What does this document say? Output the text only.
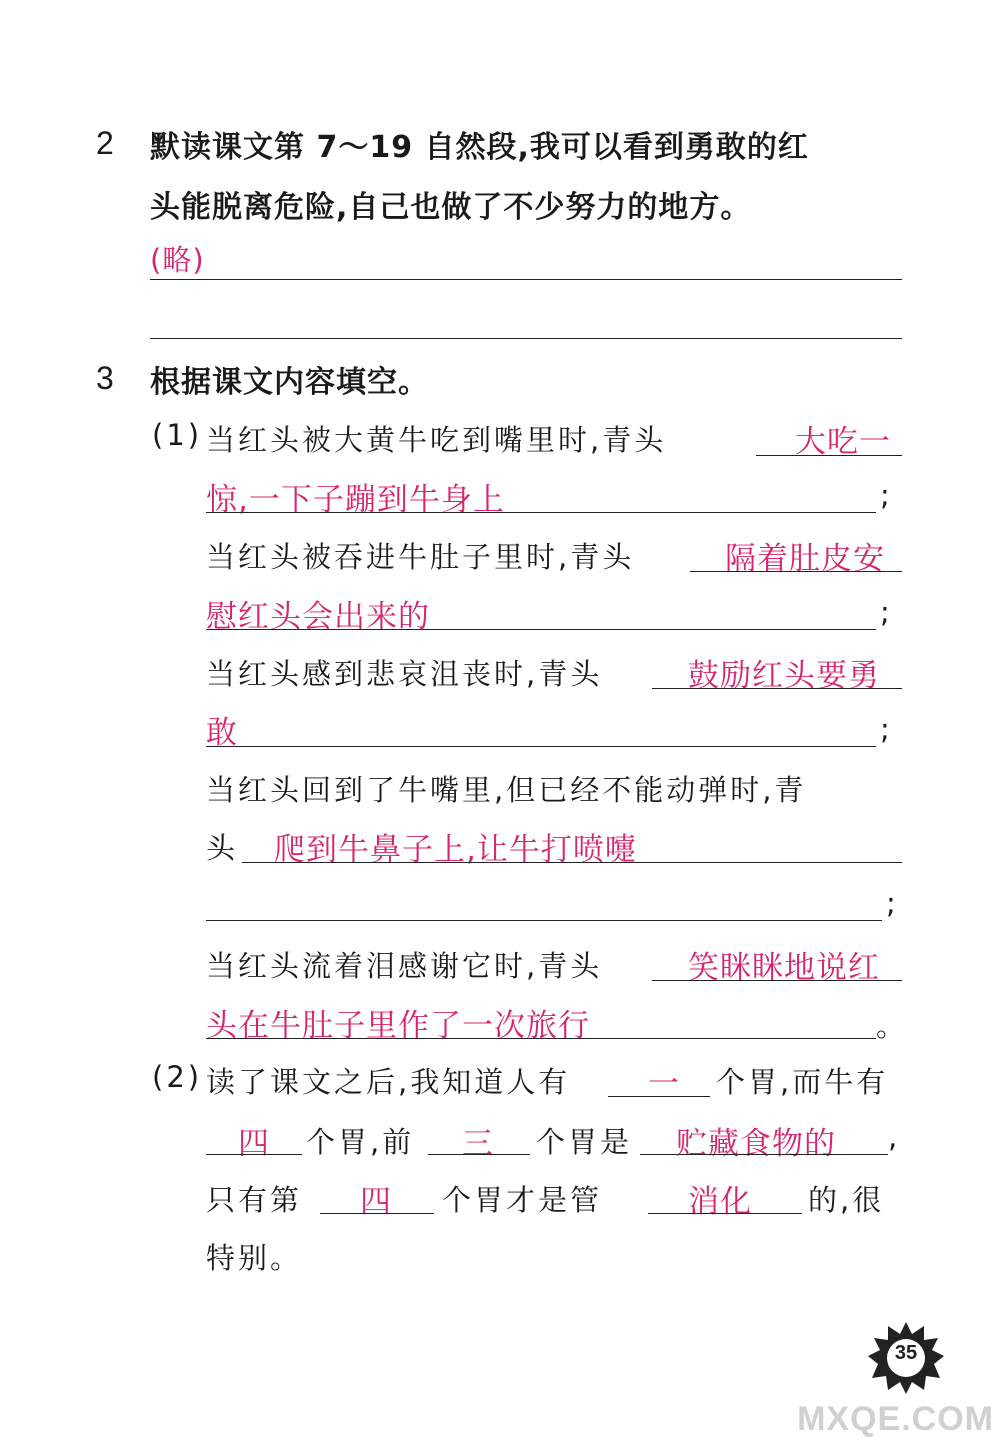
2 默读课文第 7～19 自然段,我可以看到勇敢的红
头能脱离危险,自己也做了不少努力的地方。
(略)
3 根据课文内容填空。
(1) 当红头被大黄牛吃到嘴里时,青头	大吃一
惊,一下子蹦到牛身上	;
当红头被吞进牛肚子里时,青头	隔着肚皮安
慰红头会出来的	;
当红头感到悲哀沮丧时,青头	鼓励红头要勇
敢	;
当红头回到了牛嘴里,但已经不能动弹时,青
头 爬到牛鼻子上,让牛打喷嚏
;
当红头流着泪感谢它时,青头	笑眯眯地说红
头在牛肚子里作了一次旅行	。
(2) 读了课文之后,我知道人有	一 个胃,而牛有
四 个胃,前 三 个胃是 贮藏食物的 ,
只有第 四 个胃才是管	消化 的,很
特别。
35
MXQE.COM
